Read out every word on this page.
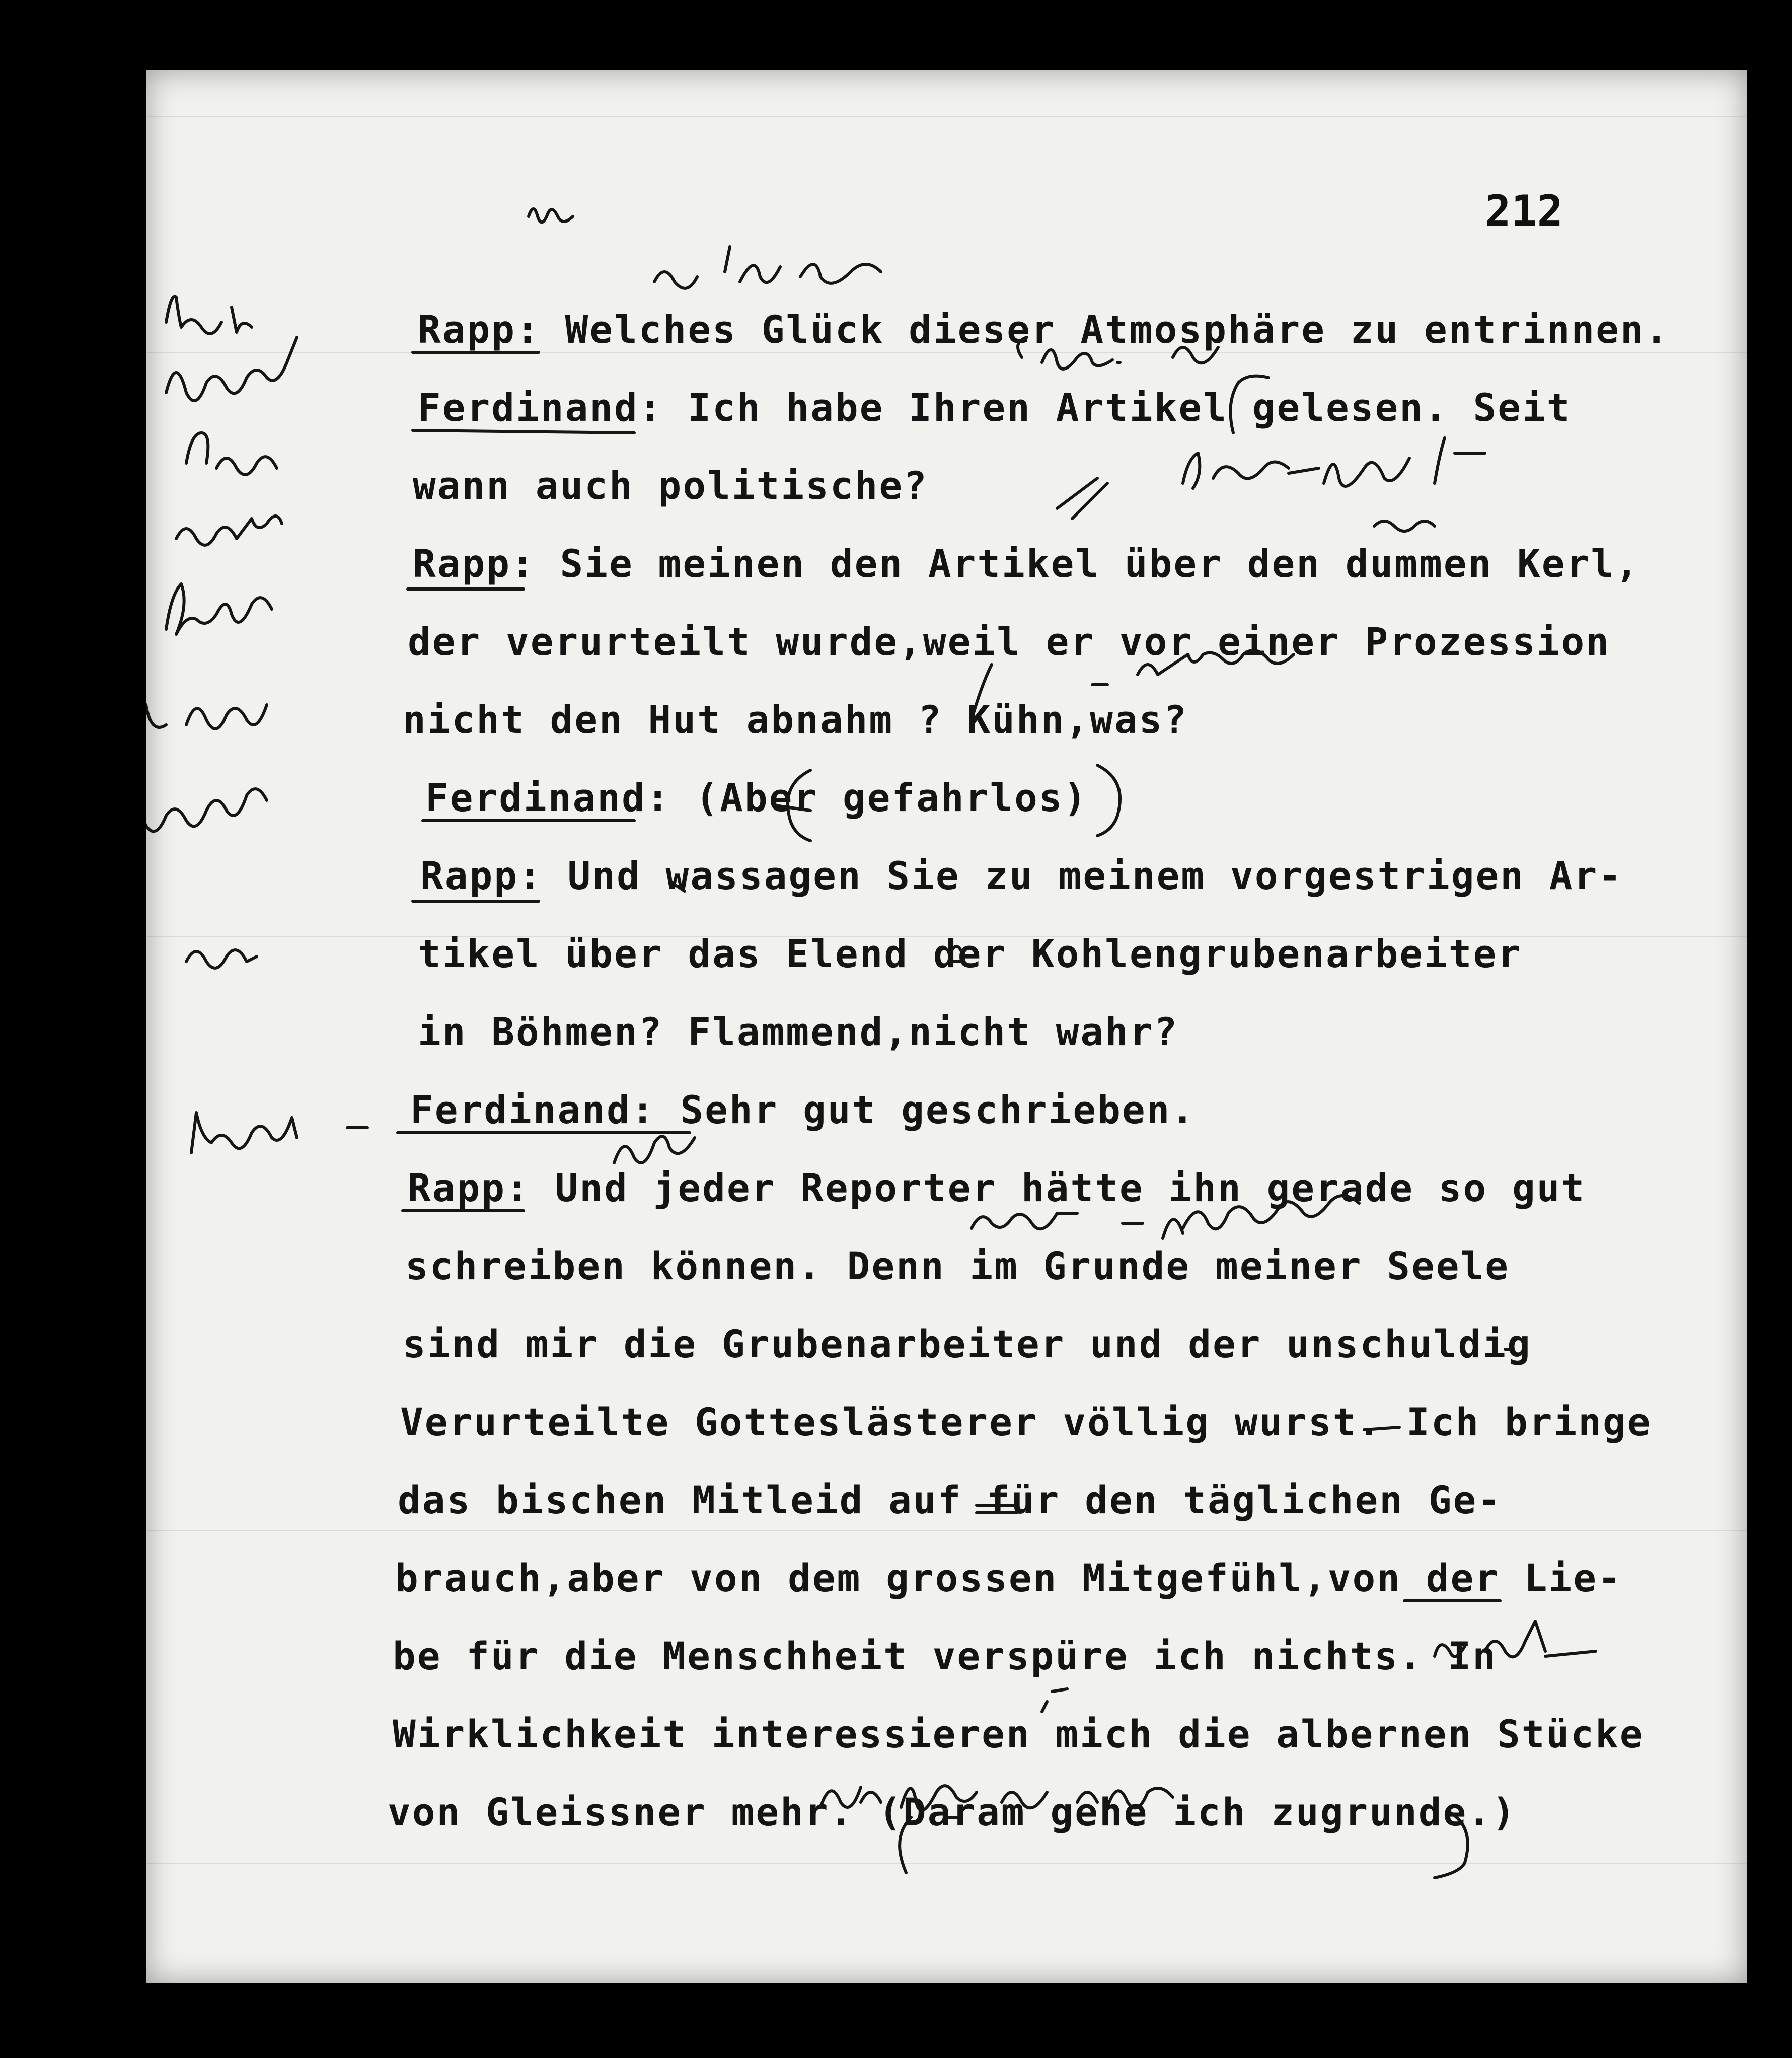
212
Rapp: Welches Glück dieser Atmosphäre zu entrinnen.
Ferdinand: Ich habe Ihren Artikel gelesen. Seit
wann auch politische?
Rapp: Sie meinen den Artikel über den dummen Kerl,
der verurteilt wurde,weil er vor einer Prozession
nicht den Hut abnahm ? Kühn,was?
Ferdinand: (Aber gefahrlos)
Rapp: Und wassagen Sie zu meinem vorgestrigen Ar-
tikel über das Elend der Kohlengrubenarbeiter
in Böhmen? Flammend,nicht wahr?
Ferdinand: Sehr gut geschrieben.
Rapp: Und jeder Reporter hätte ihn gerade so gut
schreiben können. Denn im Grunde meiner Seele
sind mir die Grubenarbeiter und der unschuldig
Verurteilte Gotteslästerer völlig wurst. Ich bringe
das bischen Mitleid auf für den täglichen Ge-
brauch,aber von dem grossen Mitgefühl,von der Lie-
be für die Menschheit verspüre ich nichts. In
Wirklichkeit interessieren mich die albernen Stücke
von Gleissner mehr. (Daram gehe ich zugrunde.)
